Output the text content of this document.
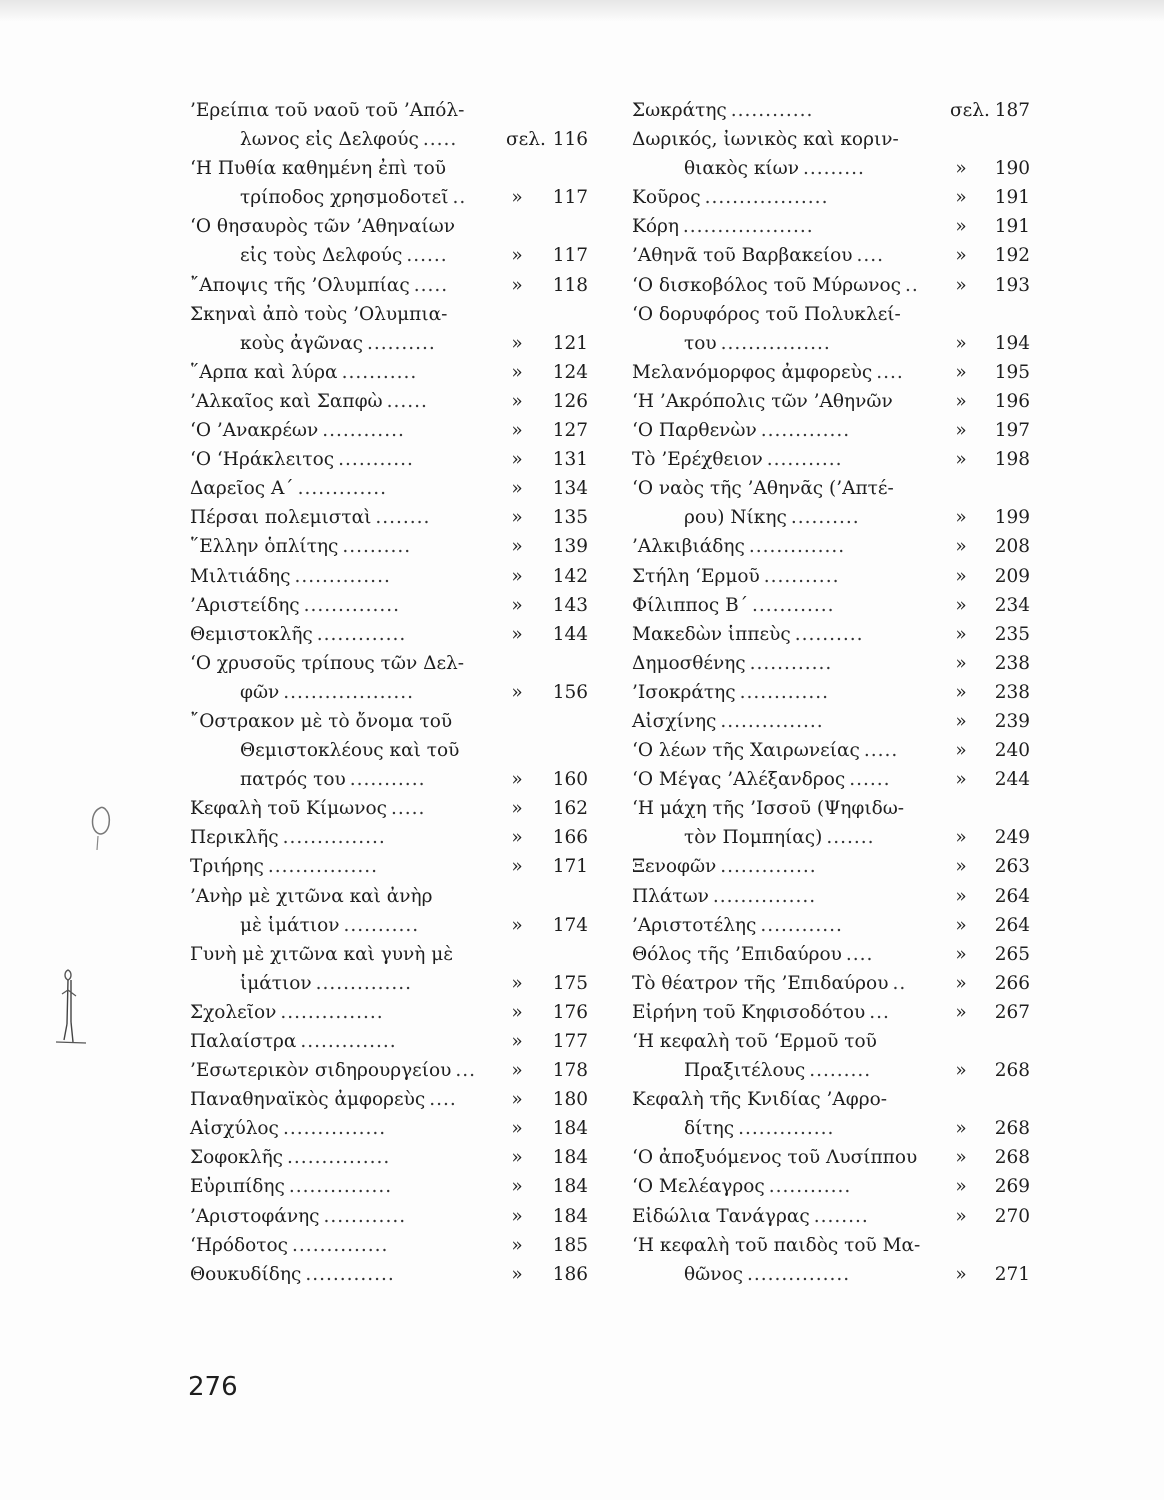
’Ερείπια τοῦ ναοῦ τοῦ ’Απόλ-
λωνος εἰς Δελφούς .....	σελ. 116
‘Η Πυθία καθημένη ἐπὶ τοῦ
τρίποδος χρησμοδοτεῖ ..	»	117
‘Ο θησαυρὸς τῶν ’Αθηναίων
εἰς τοὺς Δελφούς ......	»	117
῎Αποψις τῆς ’Ολυμπίας .....	»	118
Σκηναὶ ἀπὸ τοὺς ’Ολυμπια-
κοὺς ἀγῶνας ..........	»	121
῞Αρπα καὶ λύρα ...........	»	124
’Αλκαῖος καὶ Σαπφὼ ......	»	126
‘Ο ’Ανακρέων ............	»	127
‘Ο ‘Ηράκλειτος ...........	»	131
Δαρεῖος Α΄ .............	»	134
Πέρσαι πολεμισταὶ ........	»	135
῞Ελλην ὁπλίτης ..........	»	139
Μιλτιάδης ..............	»	142
’Αριστείδης ..............	»	143
Θεμιστοκλῆς .............	»	144
‘Ο χρυσοῦς τρίπους τῶν Δελ-
φῶν ...................	»	156
῎Οστρακον μὲ τὸ ὄνομα τοῦ
Θεμιστοκλέους καὶ τοῦ
πατρός του ...........	»	160
Κεφαλὴ τοῦ Κίμωνος .....	»	162
Περικλῆς ...............	»	166
Τριήρης ................	»	171
’Ανὴρ μὲ χιτῶνα καὶ ἀνὴρ
μὲ ἱμάτιον ...........	»	174
Γυνὴ μὲ χιτῶνα καὶ γυνὴ μὲ
ἱμάτιον ..............	»	175
Σχολεῖον ...............	»	176
Παλαίστρα ..............	»	177
’Εσωτερικὸν σιδηρουργείου ...	»	178
Παναθηναϊκὸς ἀμφορεὺς ....	»	180
Αἰσχύλος ...............	»	184
Σοφοκλῆς ...............	»	184
Εὐριπίδης ...............	»	184
’Αριστοφάνης ............	»	184
‘Ηρόδοτος ..............	»	185
Θουκυδίδης .............	»	186
Σωκράτης ............	σελ. 187
Δωρικός, ἰωνικὸς καὶ κοριν-
θιακὸς κίων .........	»	190
Κοῦρος ..................	»	191
Κόρη ...................	»	191
’Αθηνᾶ τοῦ Βαρβακείου ....	»	192
‘Ο δισκοβόλος τοῦ Μύρωνος ..	»	193
‘Ο δορυφόρος τοῦ Πολυκλεί-
του ................	»	194
Μελανόμορφος ἀμφορεὺς ....	»	195
‘Η ’Ακρόπολις τῶν ’Αθηνῶν	»	196
‘Ο Παρθενὼν .............	»	197
Τὸ ’Ερέχθειον ...........	»	198
‘Ο ναὸς τῆς ’Αθηνᾶς (’Απτέ-
ρου) Νίκης ..........	»	199
’Αλκιβιάδης ..............	»	208
Στήλη ‘Ερμοῦ ...........	»	209
Φίλιππος Β΄ ............	»	234
Μακεδὼν ἱππεὺς ..........	»	235
Δημοσθένης ............	»	238
’Ισοκράτης .............	»	238
Αἰσχίνης ...............	»	239
‘Ο λέων τῆς Χαιρωνείας .....	»	240
‘Ο Μέγας ’Αλέξανδρος ......	»	244
‘Η μάχη τῆς ’Ισσοῦ (Ψηφιδω-
τὸν Πομπηίας) .......	»	249
Ξενοφῶν ..............	»	263
Πλάτων ...............	»	264
’Αριστοτέλης ............	»	264
Θόλος τῆς ’Επιδαύρου ....	»	265
Τὸ θέατρον τῆς ’Επιδαύρου ..	»	266
Εἰρήνη τοῦ Κηφισοδότου ...	»	267
‘Η κεφαλὴ τοῦ ‘Ερμοῦ τοῦ
Πραξιτέλους .........	»	268
Κεφαλὴ τῆς Κνιδίας ’Αφρο-
δίτης ..............	»	268
‘Ο ἀποξυόμενος τοῦ Λυσίππου »	268
‘Ο Μελέαγρος ............	»	269
Εἰδώλια Τανάγρας ........	»	270
‘Η κεφαλὴ τοῦ παιδὸς τοῦ Μα-
θῶνος ...............	»	271
276
